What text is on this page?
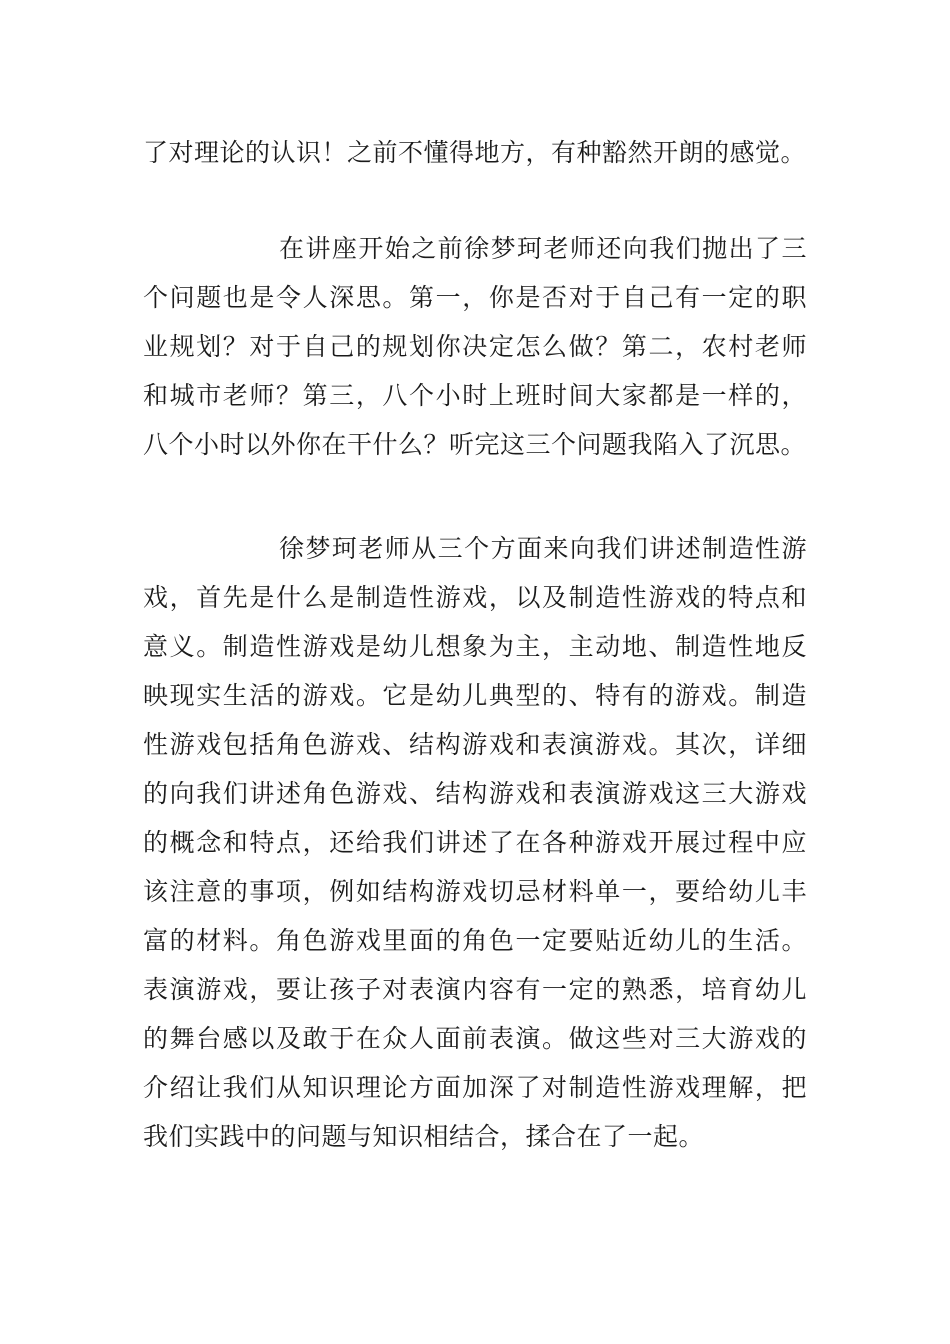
了对理论的认识！之前不懂得地方，有种豁然开朗的感觉。
在讲座开始之前徐梦珂老师还向我们抛出了三
个问题也是令人深思。第一，你是否对于自己有一定的职
业规划？对于自己的规划你决定怎么做？第二，农村老师
和城市老师？第三，八个小时上班时间大家都是一样的，
八个小时以外你在干什么？听完这三个问题我陷入了沉思。
徐梦珂老师从三个方面来向我们讲述制造性游
戏，首先是什么是制造性游戏，以及制造性游戏的特点和
意义。制造性游戏是幼儿想象为主，主动地、制造性地反
映现实生活的游戏。它是幼儿典型的、特有的游戏。制造
性游戏包括角色游戏、结构游戏和表演游戏。其次，详细
的向我们讲述角色游戏、结构游戏和表演游戏这三大游戏
的概念和特点，还给我们讲述了在各种游戏开展过程中应
该注意的事项，例如结构游戏切忌材料单一，要给幼儿丰
富的材料。角色游戏里面的角色一定要贴近幼儿的生活。
表演游戏，要让孩子对表演内容有一定的熟悉，培育幼儿
的舞台感以及敢于在众人面前表演。做这些对三大游戏的
介绍让我们从知识理论方面加深了对制造性游戏理解，把
我们实践中的问题与知识相结合，揉合在了一起。
